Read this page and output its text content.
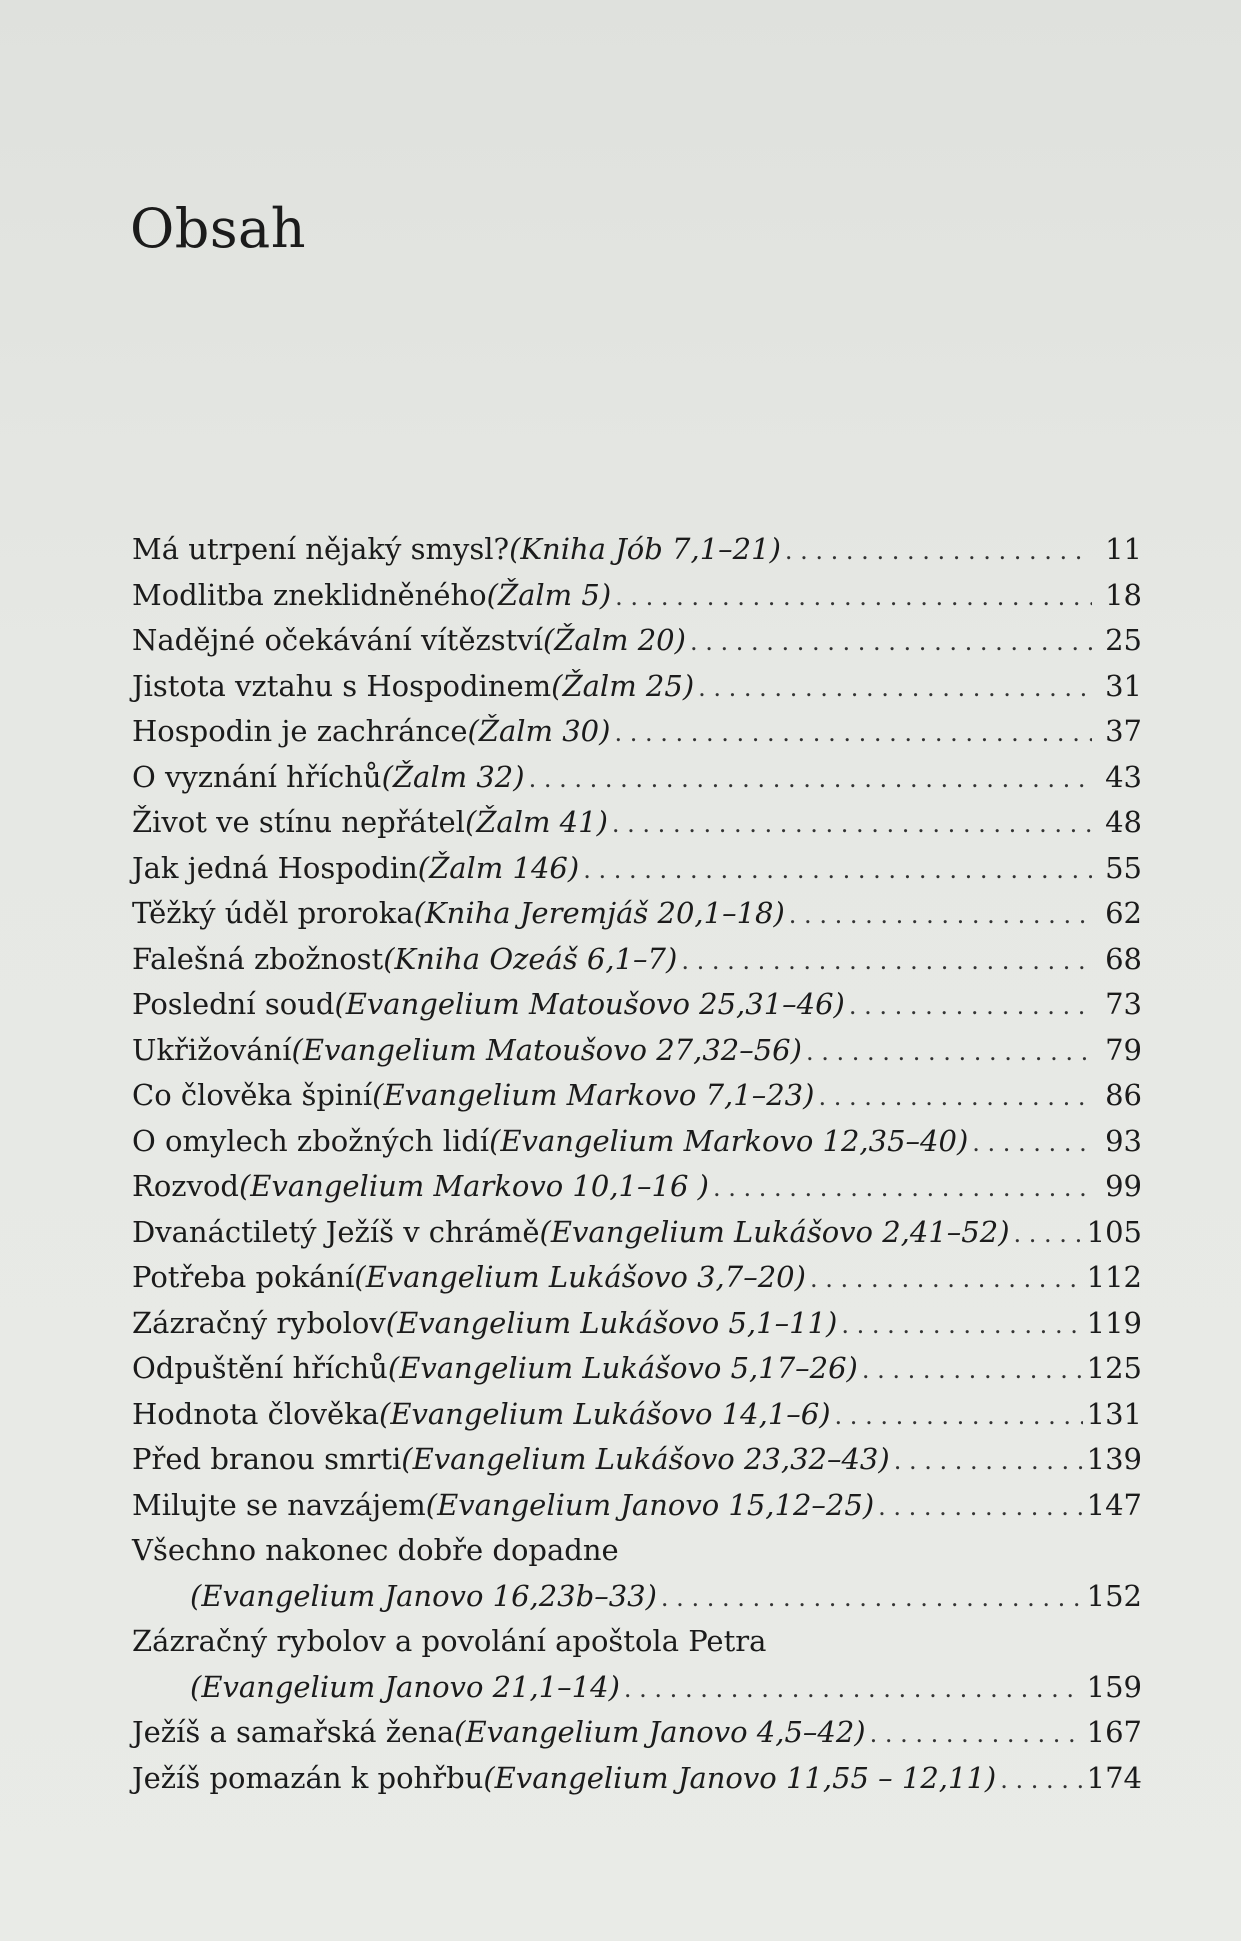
Obsah
Má utrpení nějaký smysl? (Kniha Jób 7,1–21) . . .	11
Modlitba zneklidněného (Žalm 5) . . .	18
Nadějné očekávání vítězství (Žalm 20) . . .	25
Jistota vztahu s Hospodinem (Žalm 25) . . .	31
Hospodin je zachránce (Žalm 30) . . .	37
O vyznání hříchů (Žalm 32) . . .	43
Život ve stínu nepřátel (Žalm 41) . . .	48
Jak jedná Hospodin (Žalm 146) . . .	55
Těžký úděl proroka (Kniha Jeremjáš 20,1–18) . . .	62
Falešná zbožnost (Kniha Ozeáš 6,1–7) . . .	68
Poslední soud (Evangelium Matoušovo 25,31–46) . . .	73
Ukřižování (Evangelium Matoušovo 27,32–56) . . .	79
Co člověka špiní (Evangelium Markovo 7,1–23) . . .	86
O omylech zbožných lidí (Evangelium Markovo 12,35–40) . . .	93
Rozvod (Evangelium Markovo 10,1–16 ) . . .	99
Dvanáctiletý Ježíš v chrámě (Evangelium Lukášovo 2,41–52) . . .	105
Potřeba pokání (Evangelium Lukášovo 3,7–20) . . .	112
Zázračný rybolov (Evangelium Lukášovo 5,1–11) . . .	119
Odpuštění hříchů (Evangelium Lukášovo 5,17–26) . . .	125
Hodnota člověka (Evangelium Lukášovo 14,1–6) . . .	131
Před branou smrti (Evangelium Lukášovo 23,32–43) . . .	139
Milujte se navzájem (Evangelium Janovo 15,12–25) . . .	147
Všechno nakonec dobře dopadne
(Evangelium Janovo 16,23b–33) . . .	152
Zázračný rybolov a povolání apoštola Petra
(Evangelium Janovo 21,1–14) . . .	159
Ježíš a samařská žena (Evangelium Janovo 4,5–42) . . .	167
Ježíš pomazán k pohřbu (Evangelium Janovo 11,55 – 12,11) . . .	174
